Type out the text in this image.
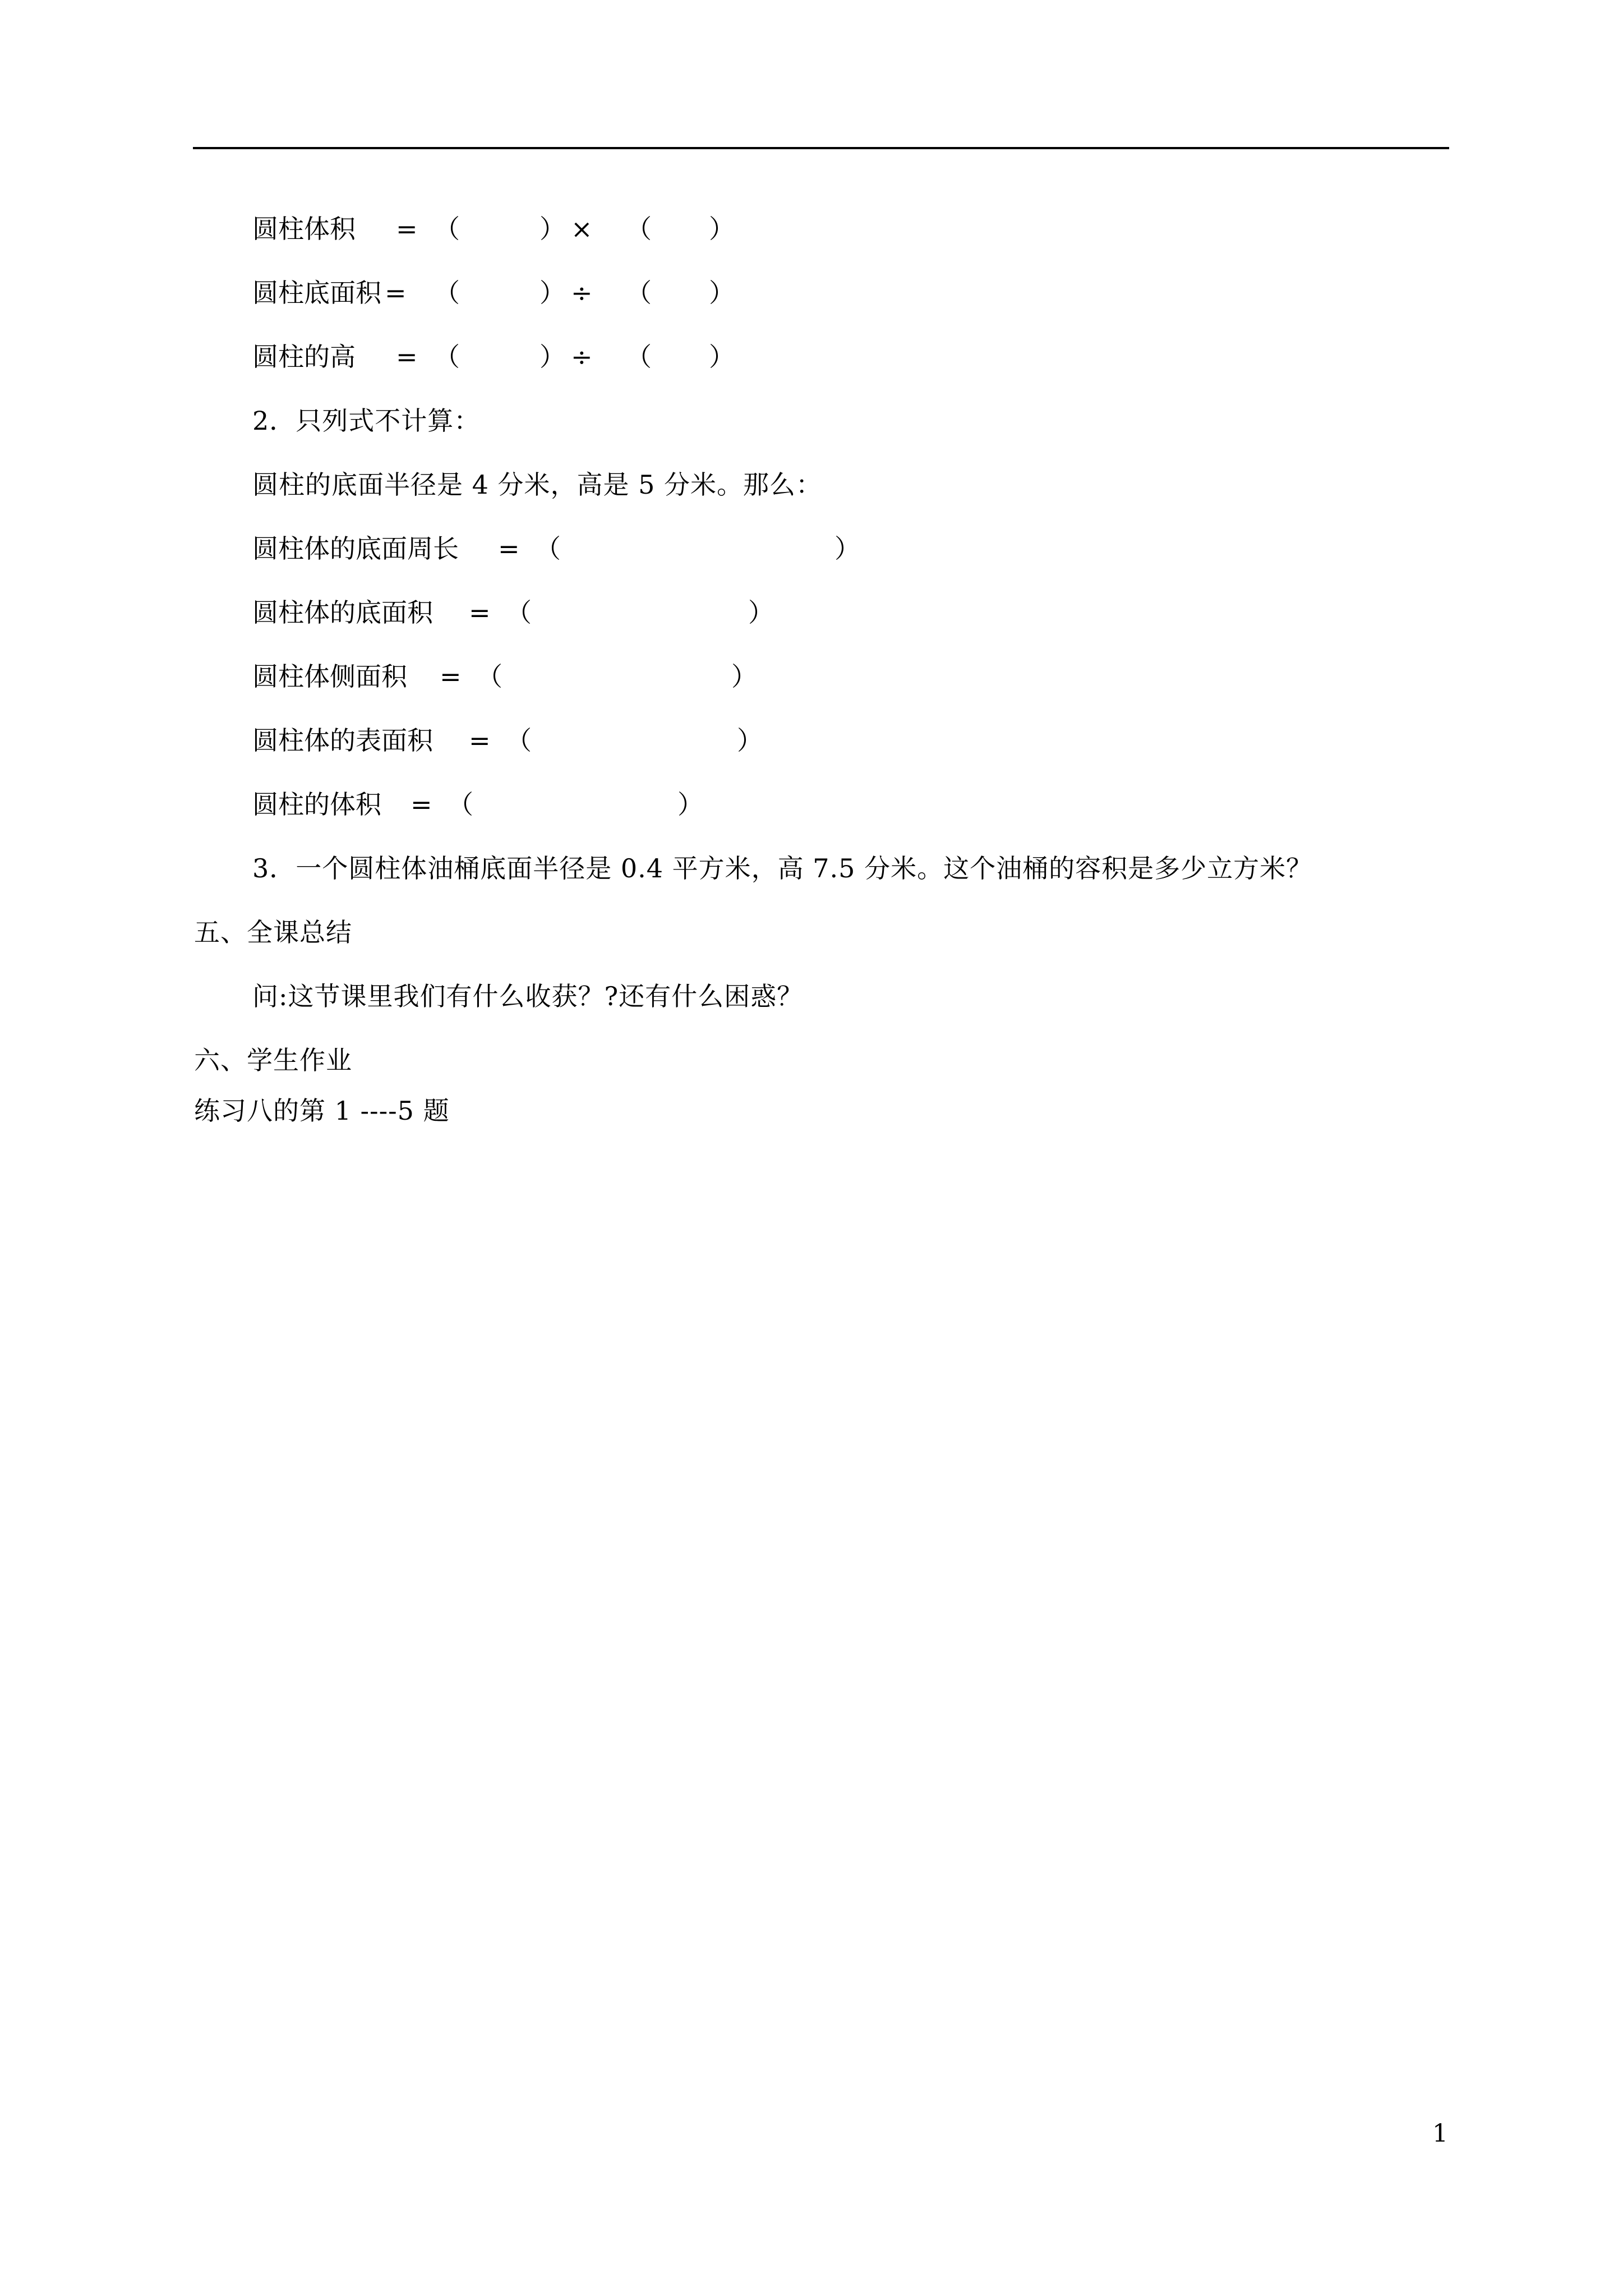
圆柱体积 = （	） × （ ）
圆柱底面积 = （	） ÷ （ ）
圆柱的高 = （	） ÷ （ ）
2．只列式不计算：
圆柱的底面半径是 4 分米，高是 5 分米。那么：
圆柱体的底面周长 = （	）
圆柱体的底面积 = （	）
圆柱体侧面积 = （	）
圆柱体的表面积 = （	）
圆柱的体积 = （	）
3．一个圆柱体油桶底面半径是 0.4 平方米，高 7.5 分米。这个油桶的容积是多少立方米？
五、全课总结
问:这节课里我们有什么收获？?还有什么困惑？
六、学生作业
练习八的第 1 ----5 题
1
